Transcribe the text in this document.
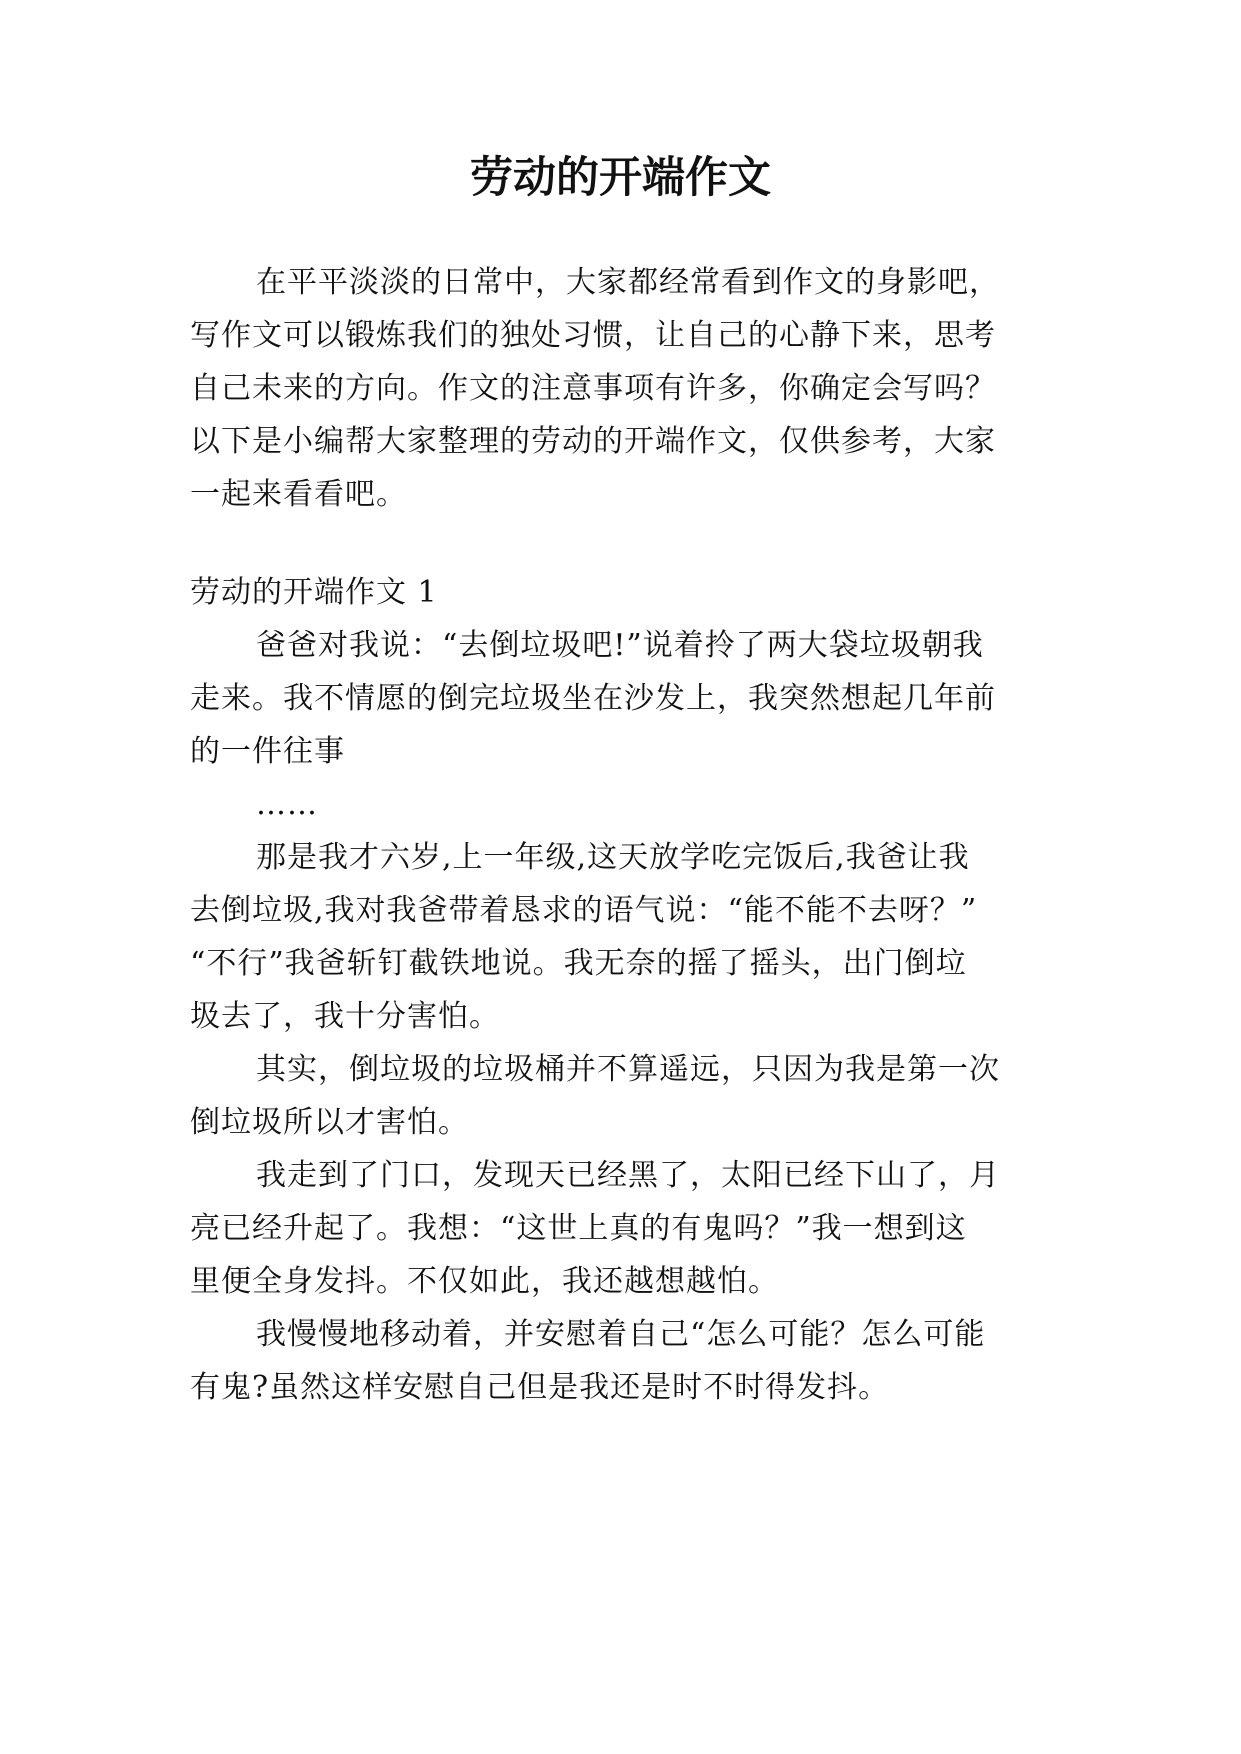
劳动的开端作文

在平平淡淡的日常中，大家都经常看到作文的身影吧，

写作文可以锻炼我们的独处习惯，让自己的心静下来，思考

自己未来的方向。作文的注意事项有许多，你确定会写吗？

以下是小编帮大家整理的劳动的开端作文，仅供参考，大家

一起来看看吧。

劳动的开端作文 1

爸爸对我说：“去倒垃圾吧!”说着拎了两大袋垃圾朝我

走来。我不情愿的倒完垃圾坐在沙发上，我突然想起几年前

的一件往事

……

那是我才六岁,上一年级,这天放学吃完饭后,我爸让我

去倒垃圾,我对我爸带着恳求的语气说：“能不能不去呀？”

“不行”我爸斩钉截铁地说。我无奈的摇了摇头，出门倒垃

圾去了，我十分害怕。

其实，倒垃圾的垃圾桶并不算遥远，只因为我是第一次

倒垃圾所以才害怕。

我走到了门口，发现天已经黑了，太阳已经下山了，月

亮已经升起了。我想：“这世上真的有鬼吗？”我一想到这

里便全身发抖。不仅如此，我还越想越怕。

我慢慢地移动着，并安慰着自己“怎么可能？怎么可能

有鬼?虽然这样安慰自己但是我还是时不时得发抖。
